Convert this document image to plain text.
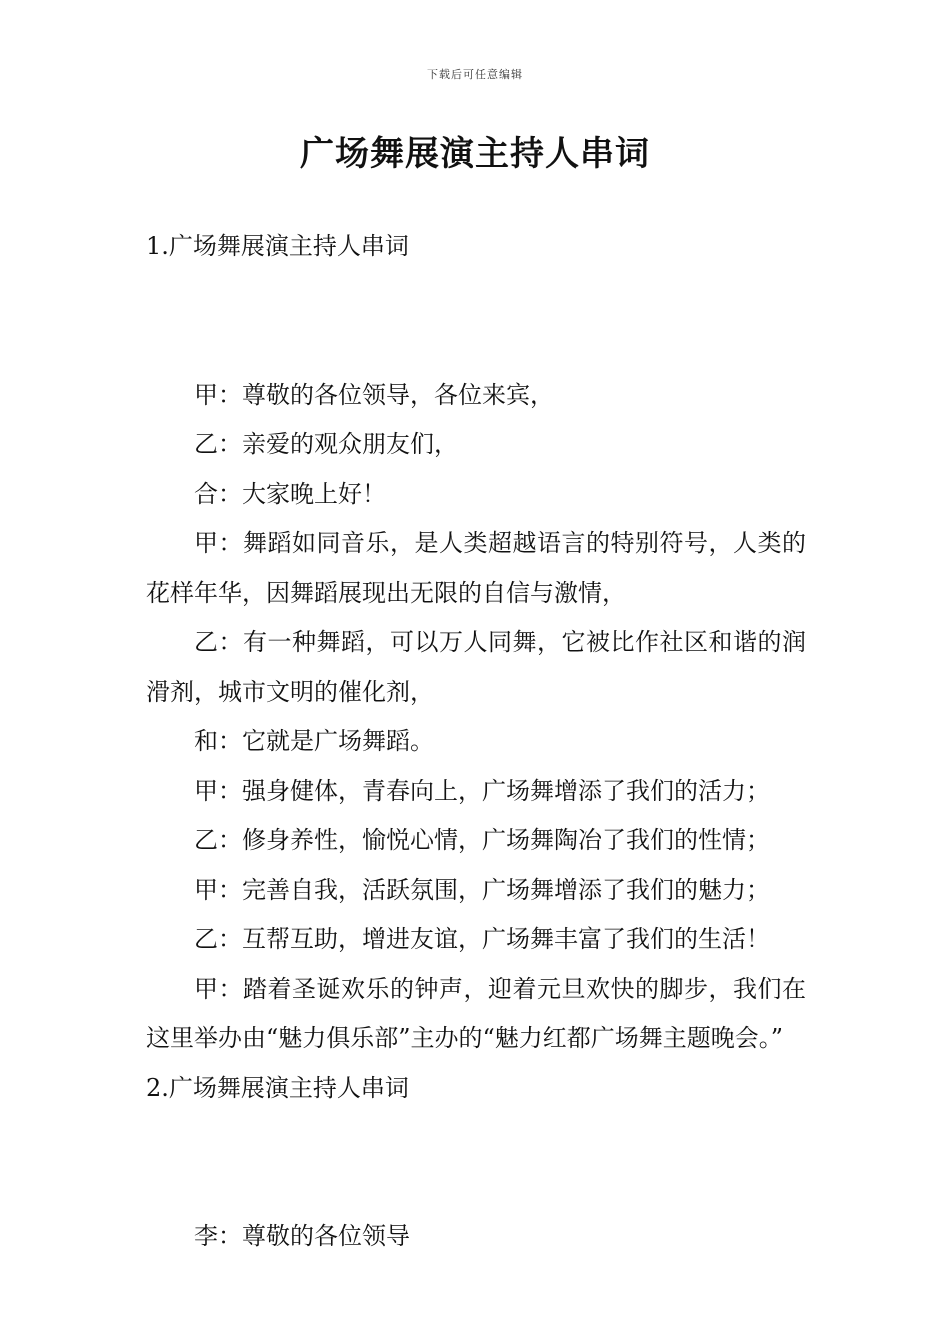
下载后可任意编辑
广场舞展演主持人串词
1.广场舞展演主持人串词

甲：尊敬的各位领导，各位来宾，

乙：亲爱的观众朋友们，

合：大家晚上好！

甲：舞蹈如同音乐，是人类超越语言的特别符号，人类的花样年华，因舞蹈展现出无限的自信与激情，

乙：有一种舞蹈，可以万人同舞，它被比作社区和谐的润滑剂，城市文明的催化剂，

和：它就是广场舞蹈。

甲：强身健体，青春向上，广场舞增添了我们的活力；

乙：修身养性，愉悦心情，广场舞陶冶了我们的性情；

甲：完善自我，活跃氛围，广场舞增添了我们的魅力；

乙：互帮互助，增进友谊，广场舞丰富了我们的生活！

甲：踏着圣诞欢乐的钟声，迎着元旦欢快的脚步，我们在这里举办由“魅力俱乐部”主办的“魅力红都广场舞主题晚会。”

2.广场舞展演主持人串词

李：尊敬的各位领导
